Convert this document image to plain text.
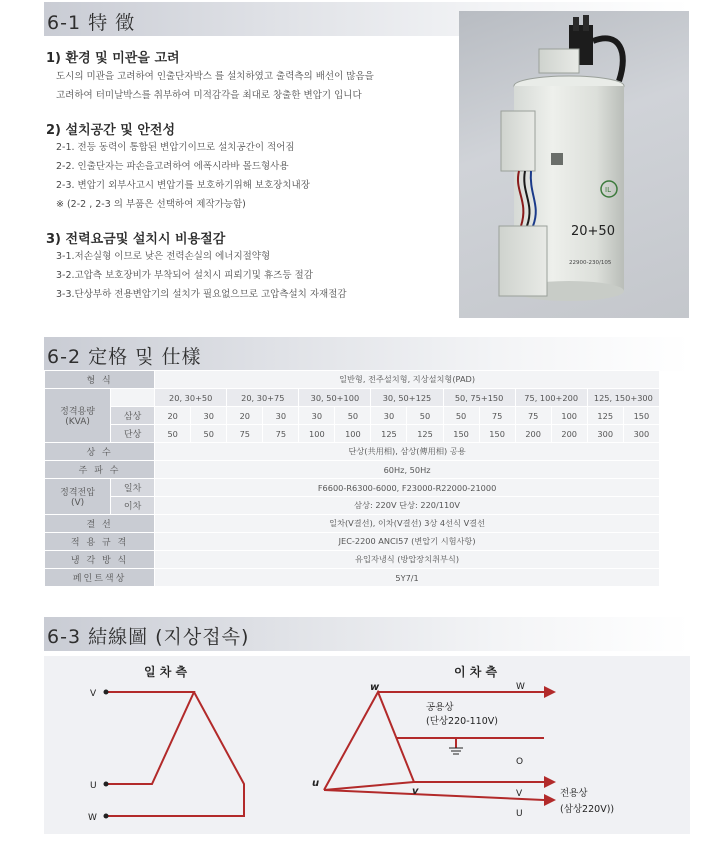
6-1 特 徵
1) 환경 및 미관을 고려
도시의 미관을 고려하여 인출단자박스 를 설치하였고 출력측의 배선이 많음을
고려하여 터미날박스를 취부하여 미적감각을 최대로 창출한 변압기 입니다
2) 설치공간 및 안전성
2-1. 전등 동력이 통합된 변압기이므로 설치공간이 적어짐
2-2. 인출단자는 파손을고려하여 에폭시라바 몰드형사용
2-3. 변압기 외부사고시 변압기를 보호하기위해 보호장치내장
※ (2-2 , 2-3 의 부품은 선택하여 제작가능함)
3) 전력요금및 설치시 비용절감
3-1.저손실형 이므로 낮은 전력손실의 에너지절약형
3-2.고압측 보호장비가 부착되어 설치시 피뢰기및 휴즈등 절감
3-3.단상부하 전용변압기의 설치가 필요없으므로 고압측설치 자재절감
IL
20+50
22900-230/105
6-2 定格 및 仕樣
형 식		일반형, 전주설치형, 지상설치형(PAD)													

정격용량
(KVA)		20, 30+50		20, 30+75		30, 50+100		30, 50+125		50, 75+150		75, 100+200		125, 150+300	
	삼상	20	30	20	30	30	50	30	50	50	75	75	100	125	150
	단상	50	50	75	75	100	100	125	125	150	150	200	200	300	300
상 수		단상(共用相), 삼상(傳用相) 공용													
주 파 수		60Hz, 50Hz													

정격전압
(V)	일차	F6600-R6300-6000, F23000-R22000-21000													
	이차	삼상: 220V 단상: 220/110V													
결 선		일차(V결선), 이차(V결선) 3상 4선식 V결선													
적 용 규 격		JEC-2200 ANCI57 (변압기 시험사항)													
냉 각 방 식		유입자냉식 (방압장치취부식)													
페인트색상		5Y7/1													
6-3 結線圖 (지상접속)
일 차 측	이 차 측
V
U
W
w
u
v
W
O
V
U
공용상
(단상220-110V)
전용상
(삼상220V))
